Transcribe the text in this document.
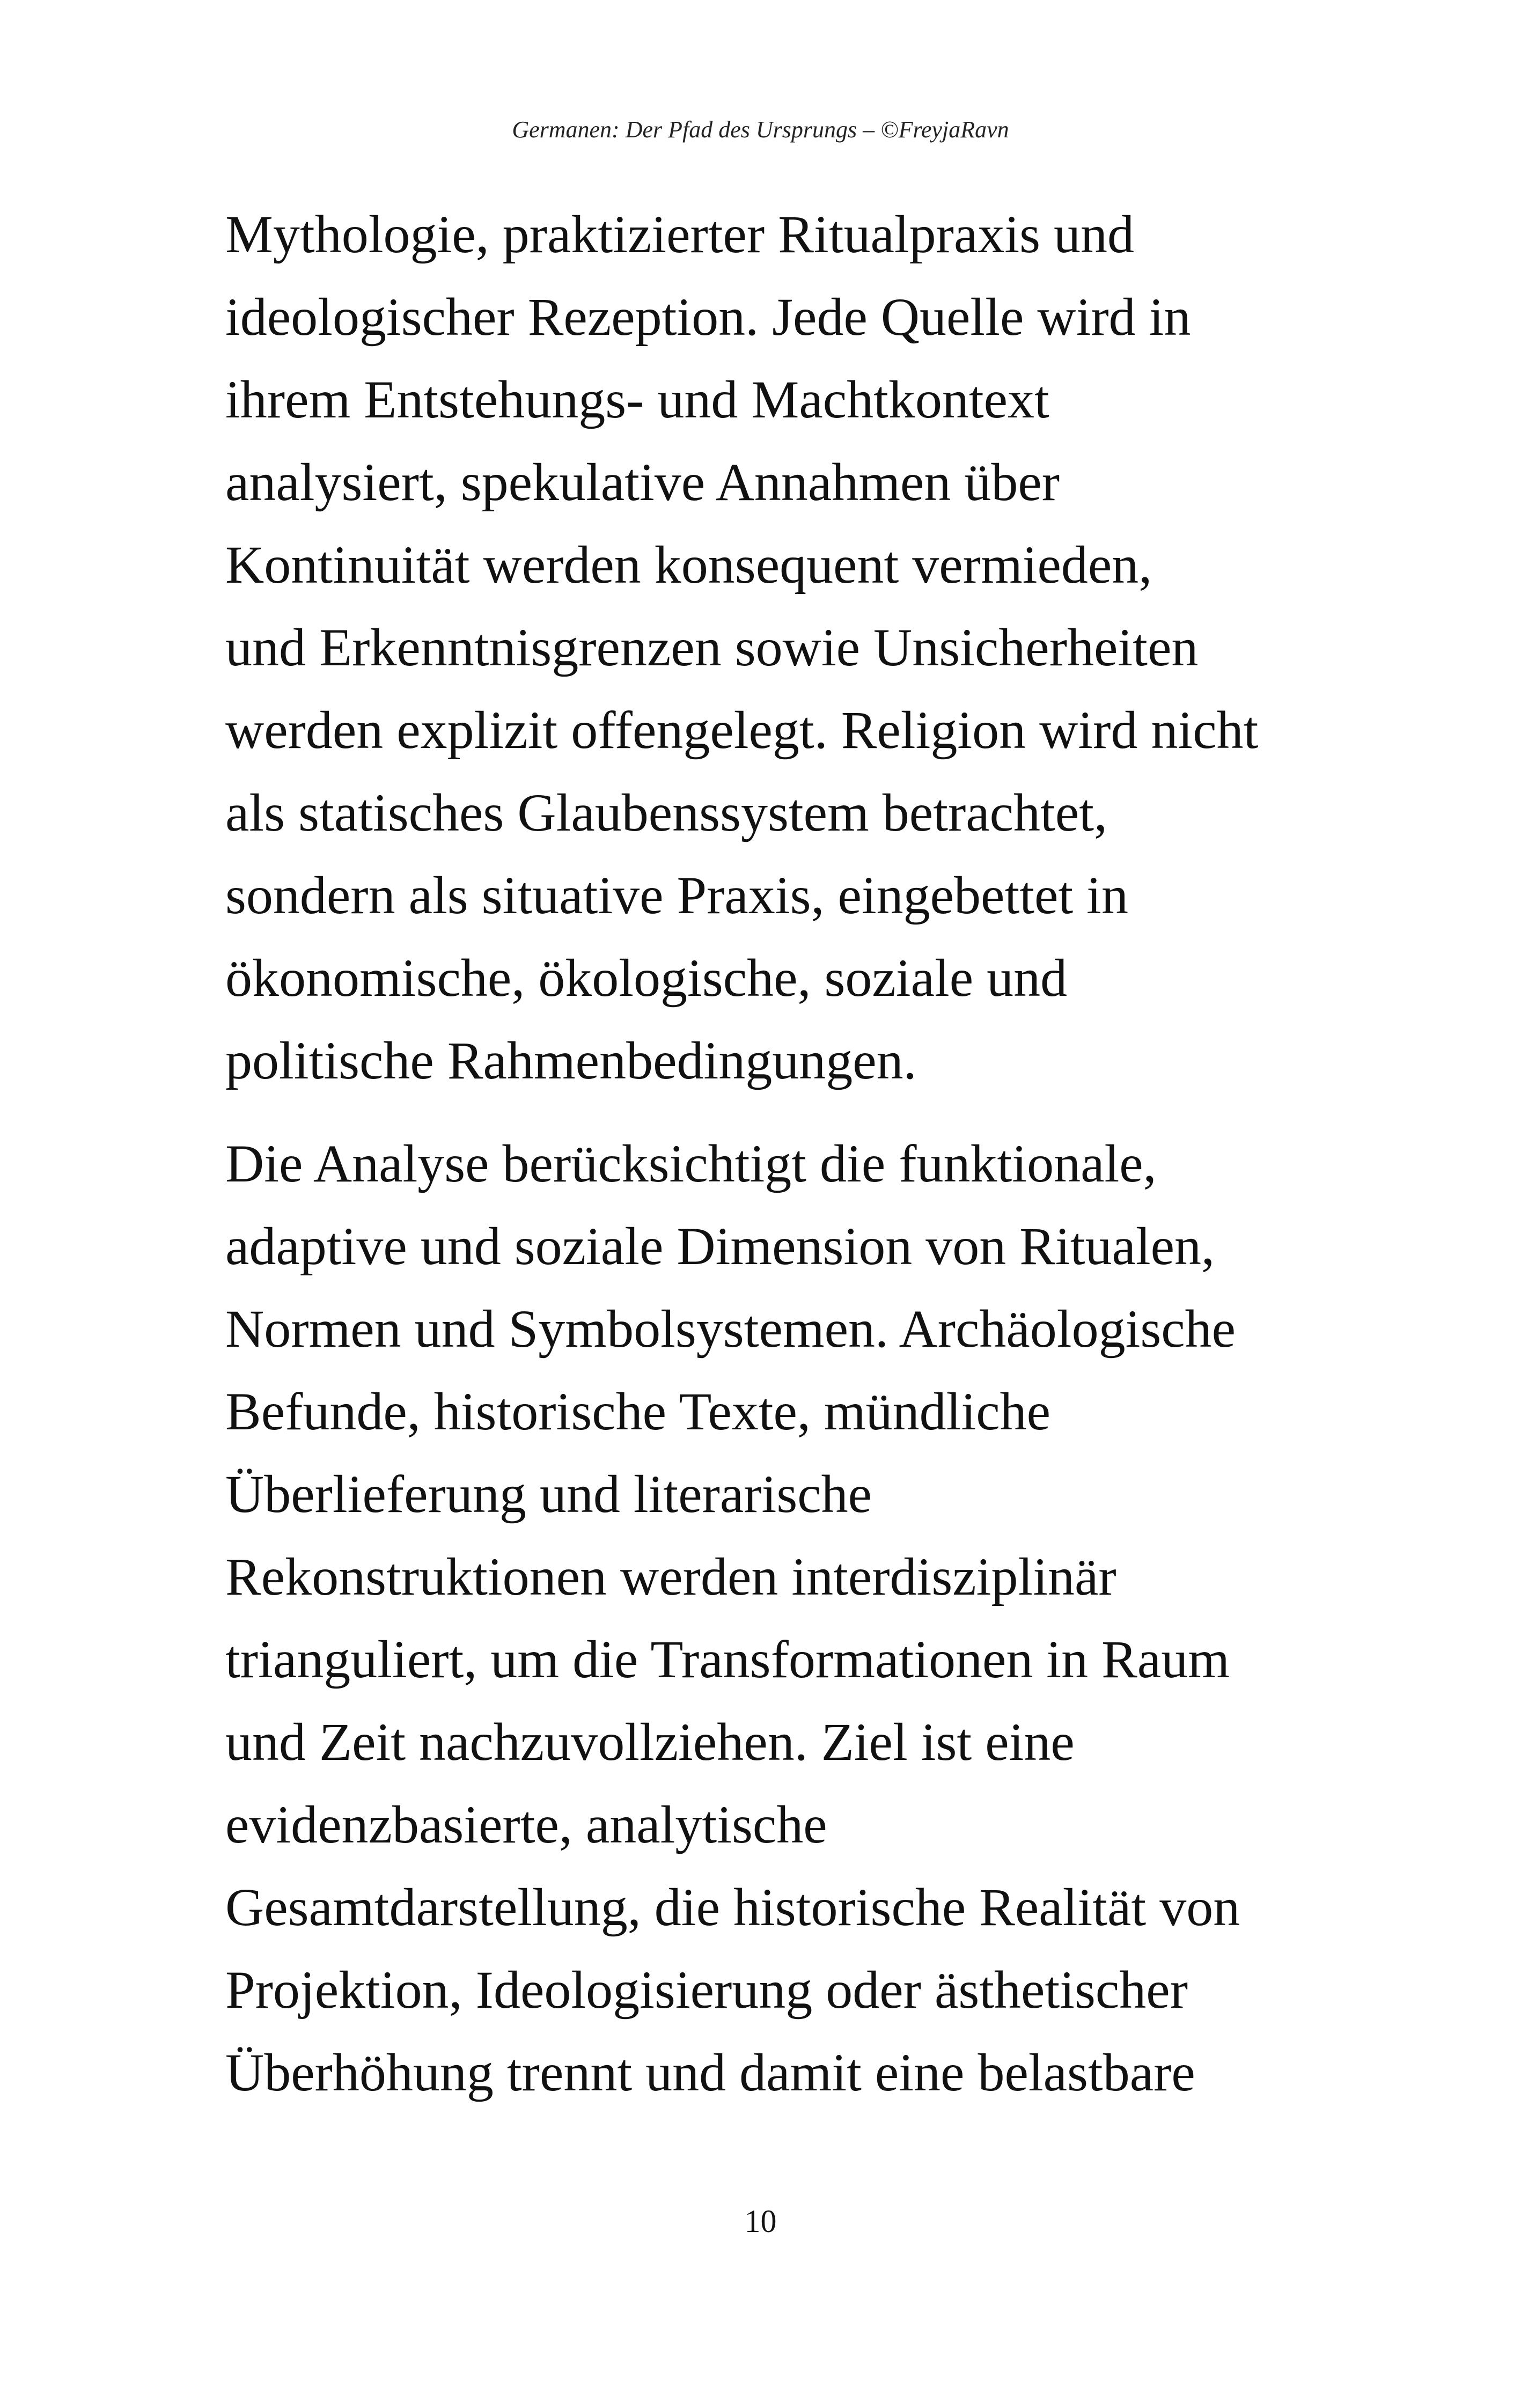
Germanen: Der Pfad des Ursprungs – ©FreyjaRavn

Mythologie, praktizierter Ritualpraxis und
ideologischer Rezeption. Jede Quelle wird in
ihrem Entstehungs- und Machtkontext
analysiert, spekulative Annahmen über
Kontinuität werden konsequent vermieden,
und Erkenntnisgrenzen sowie Unsicherheiten
werden explizit offengelegt. Religion wird nicht
als statisches Glaubenssystem betrachtet,
sondern als situative Praxis, eingebettet in
ökonomische, ökologische, soziale und
politische Rahmenbedingungen.

Die Analyse berücksichtigt die funktionale,
adaptive und soziale Dimension von Ritualen,
Normen und Symbolsystemen. Archäologische
Befunde, historische Texte, mündliche
Überlieferung und literarische
Rekonstruktionen werden interdisziplinär
trianguliert, um die Transformationen in Raum
und Zeit nachzuvollziehen. Ziel ist eine
evidenzbasierte, analytische
Gesamtdarstellung, die historische Realität von
Projektion, Ideologisierung oder ästhetischer
Überhöhung trennt und damit eine belastbare

10
